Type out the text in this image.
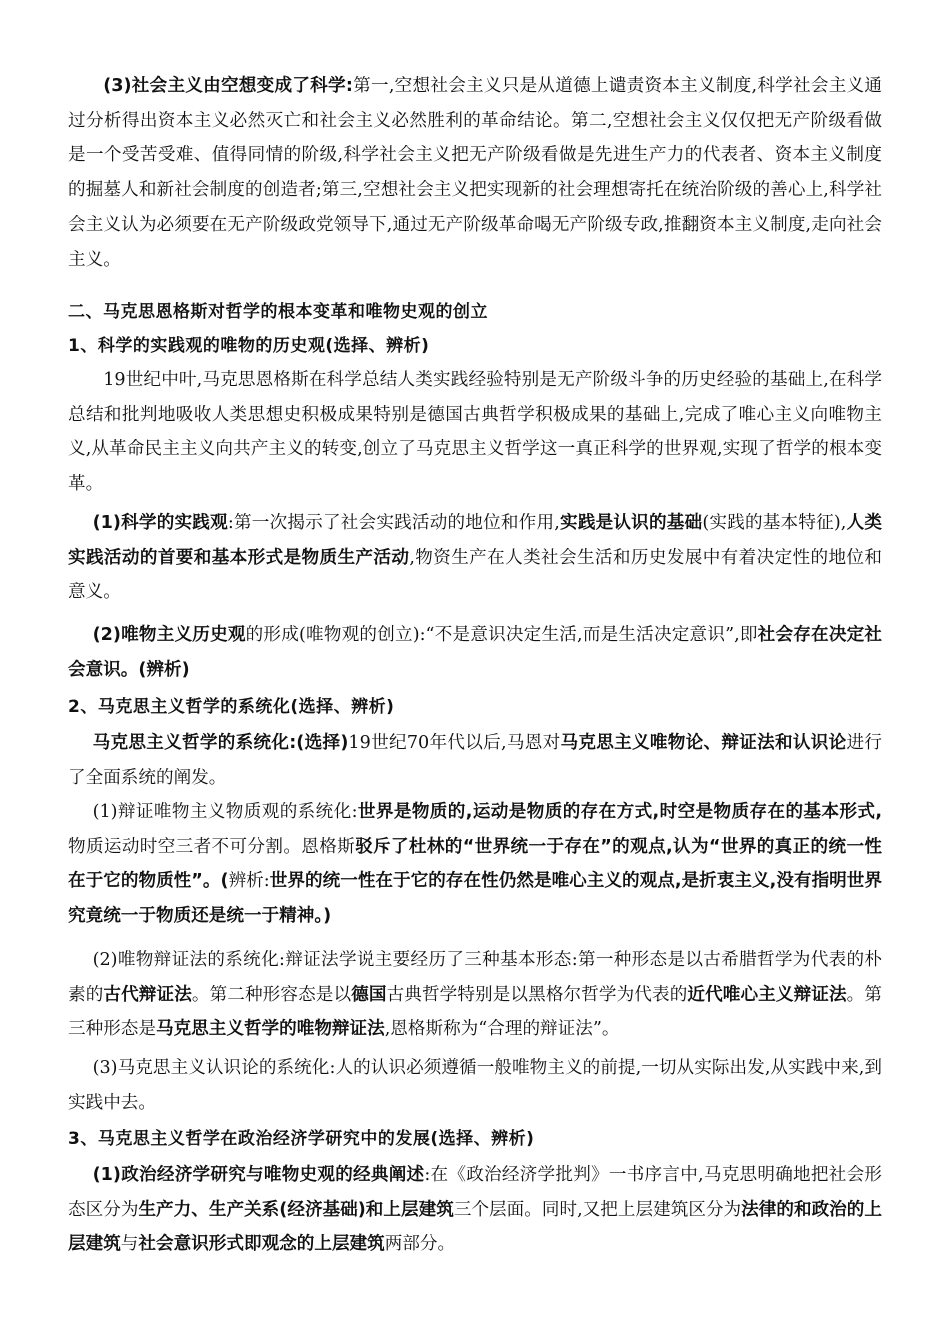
(3)社会主义由空想变成了科学:第一,空想社会主义只是从道德上谴责资本主义制度,科学社会主义通过分析得出资本主义必然灭亡和社会主义必然胜利的革命结论。第二,空想社会主义仅仅把无产阶级看做是一个受苦受难、值得同情的阶级,科学社会主义把无产阶级看做是先进生产力的代表者、资本主义制度的掘墓人和新社会制度的创造者;第三,空想社会主义把实现新的社会理想寄托在统治阶级的善心上,科学社会主义认为必须要在无产阶级政党领导下,通过无产阶级革命喝无产阶级专政,推翻资本主义制度,走向社会主义。

二、马克思恩格斯对哲学的根本变革和唯物史观的创立
1、科学的实践观的唯物的历史观(选择、辨析)

19世纪中叶,马克思恩格斯在科学总结人类实践经验特别是无产阶级斗争的历史经验的基础上,在科学总结和批判地吸收人类思想史积极成果特别是德国古典哲学积极成果的基础上,完成了唯心主义向唯物主义,从革命民主主义向共产主义的转变,创立了马克思主义哲学这一真正科学的世界观,实现了哲学的根本变革。

(1)科学的实践观:第一次揭示了社会实践活动的地位和作用,实践是认识的基础(实践的基本特征),人类实践活动的首要和基本形式是物质生产活动,物资生产在人类社会生活和历史发展中有着决定性的地位和意义。

(2)唯物主义历史观的形成(唯物观的创立):“不是意识决定生活,而是生活决定意识”,即社会存在决定社会意识。(辨析)

2、马克思主义哲学的系统化(选择、辨析)

马克思主义哲学的系统化:(选择)19世纪70年代以后,马恩对马克思主义唯物论、辩证法和认识论进行了全面系统的阐发。

(1)辩证唯物主义物质观的系统化:世界是物质的,运动是物质的存在方式,时空是物质存在的基本形式,物质运动时空三者不可分割。恩格斯驳斥了杜林的“世界统一于存在”的观点,认为“世界的真正的统一性在于它的物质性”。(辨析:世界的统一性在于它的存在性仍然是唯心主义的观点,是折衷主义,没有指明世界究竟统一于物质还是统一于精神。)

(2)唯物辩证法的系统化:辩证法学说主要经历了三种基本形态:第一种形态是以古希腊哲学为代表的朴素的古代辩证法。第二种形容态是以德国古典哲学特别是以黑格尔哲学为代表的近代唯心主义辩证法。第三种形态是马克思主义哲学的唯物辩证法,恩格斯称为“合理的辩证法”。

(3)马克思主义认识论的系统化:人的认识必须遵循一般唯物主义的前提,一切从实际出发,从实践中来,到实践中去。

3、马克思主义哲学在政治经济学研究中的发展(选择、辨析)

(1)政治经济学研究与唯物史观的经典阐述:在《政治经济学批判》一书序言中,马克思明确地把社会形态区分为生产力、生产关系(经济基础)和上层建筑三个层面。同时,又把上层建筑区分为法律的和政治的上层建筑与社会意识形式即观念的上层建筑两部分。
